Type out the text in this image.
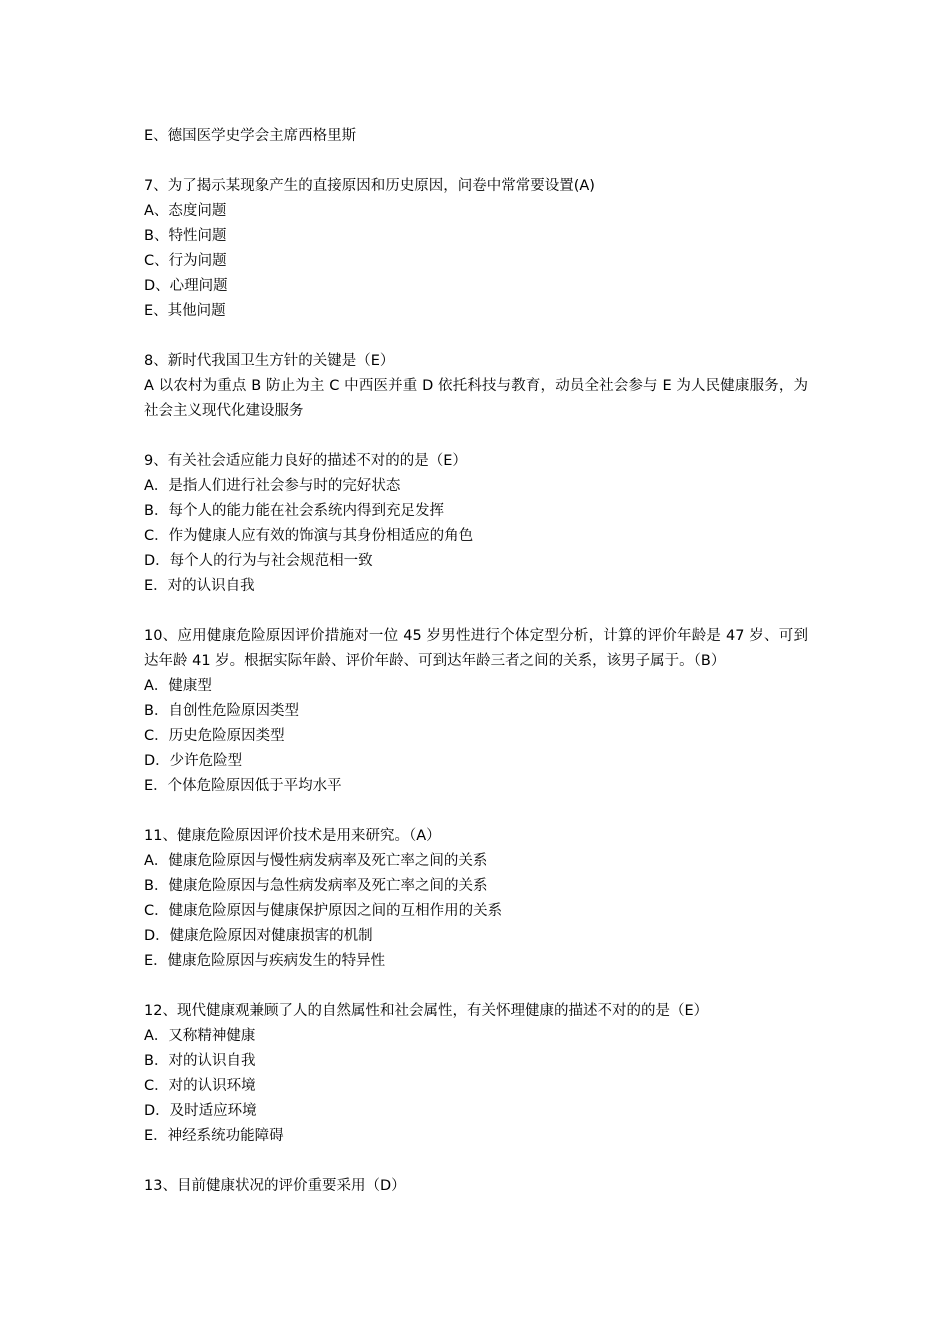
E、德国医学史学会主席西格里斯
7、为了揭示某现象产生的直接原因和历史原因，问卷中常常要设置(A)
A、态度问题
B、特性问题
C、行为问题
D、心理问题
E、其他问题
8、新时代我国卫生方针的关键是（E）
A 以农村为重点 B 防止为主 C 中西医并重 D 依托科技与教育，动员全社会参与 E 为人民健康服务，为社会主义现代化建设服务
9、有关社会适应能力良好的描述不对的的是（E）
A．是指人们进行社会参与时的完好状态
B．每个人的能力能在社会系统内得到充足发挥
C．作为健康人应有效的饰演与其身份相适应的角色
D．每个人的行为与社会规范相一致
E．对的认识自我
10、应用健康危险原因评价措施对一位 45 岁男性进行个体定型分析，计算的评价年龄是 47 岁、可到达年龄 41 岁。根据实际年龄、评价年龄、可到达年龄三者之间的关系，该男子属于。（B）
A．健康型
B．自创性危险原因类型
C．历史危险原因类型
D．少许危险型
E．个体危险原因低于平均水平
11、健康危险原因评价技术是用来研究。（A）
A．健康危险原因与慢性病发病率及死亡率之间的关系
B．健康危险原因与急性病发病率及死亡率之间的关系
C．健康危险原因与健康保护原因之间的互相作用的关系
D．健康危险原因对健康损害的机制
E．健康危险原因与疾病发生的特异性
12、现代健康观兼顾了人的自然属性和社会属性，有关怀理健康的描述不对的的是（E）
A．又称精神健康
B．对的认识自我
C．对的认识环境
D．及时适应环境
E．神经系统功能障碍
13、目前健康状况的评价重要采用（D）
